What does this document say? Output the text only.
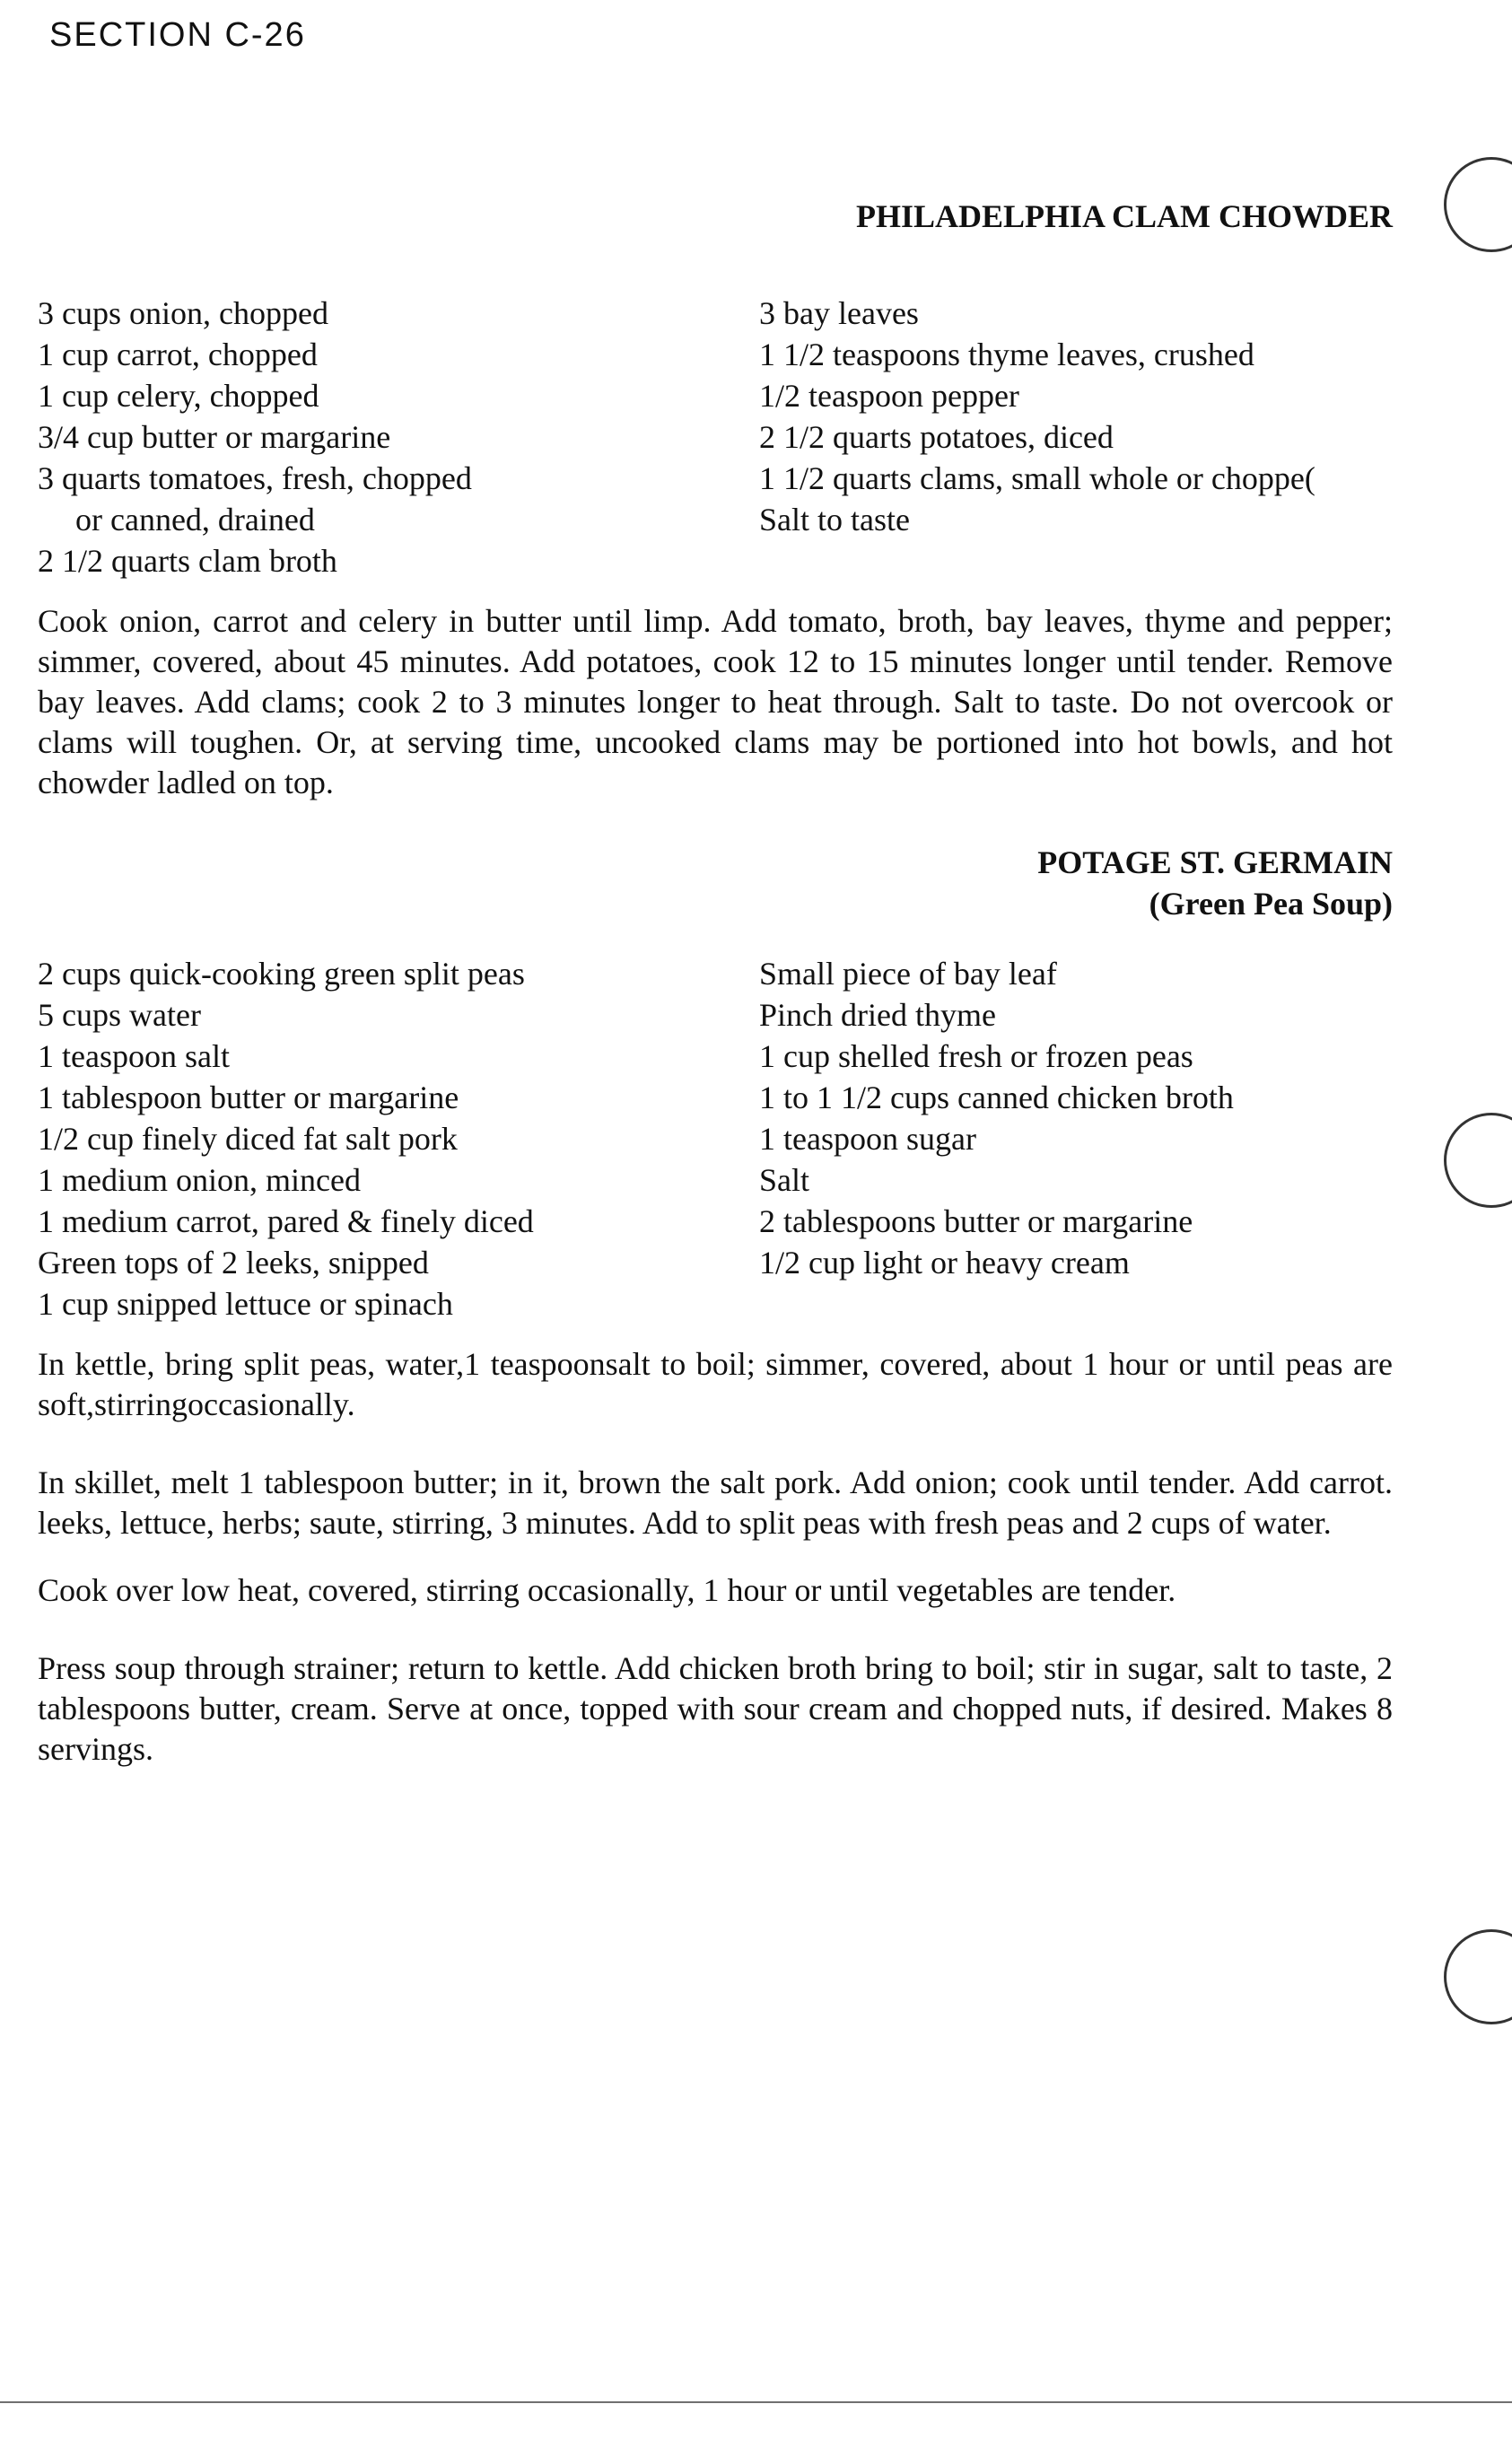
SECTION C-26
PHILADELPHIA CLAM CHOWDER
3 cups onion, chopped
1 cup carrot, chopped
1 cup celery, chopped
3/4 cup butter or margarine
3 quarts tomatoes, fresh, chopped
or canned, drained
2 1/2 quarts clam broth
3 bay leaves
1 1/2 teaspoons thyme leaves, crushed
1/2 teaspoon pepper
2 1/2 quarts potatoes, diced
1 1/2 quarts clams, small whole or choppe(
Salt to taste

Cook onion, carrot and celery in butter until limp. Add tomato, broth, bay leaves, thyme and pepper; simmer, covered, about 45 minutes. Add potatoes, cook 12 to 15 minutes longer until tender. Remove bay leaves. Add clams; cook 2 to 3 minutes longer to heat through. Salt to taste. Do not overcook or clams will toughen. Or, at serving time, uncooked clams may be portioned into hot bowls, and hot chowder ladled on top.

POTAGE ST. GERMAIN
(Green Pea Soup)
2 cups quick-cooking green split peas
5 cups water
1 teaspoon salt
1 tablespoon butter or margarine
1/2 cup finely diced fat salt pork
1 medium onion, minced
1 medium carrot, pared & finely diced
Green tops of 2 leeks, snipped
1 cup snipped lettuce or spinach
Small piece of bay leaf
Pinch dried thyme
1 cup shelled fresh or frozen peas
1 to 1 1/2 cups canned chicken broth
1 teaspoon sugar
Salt
2 tablespoons butter or margarine
1/2 cup light or heavy cream

In kettle, bring split peas, water,1 teaspoonsalt to boil; simmer, covered, about 1 hour or until peas are soft,stirringoccasionally.

In skillet, melt 1 tablespoon butter; in it, brown the salt pork. Add onion; cook until tender. Add carrot. leeks, lettuce, herbs; saute, stirring, 3 minutes. Add to split peas with fresh peas and 2 cups of water.

Cook over low heat, covered, stirring occasionally, 1 hour or until vegetables are tender.

Press soup through strainer; return to kettle. Add chicken broth bring to boil; stir in sugar, salt to taste, 2 tablespoons butter, cream. Serve at once, topped with sour cream and chopped nuts, if desired. Makes 8 servings.
